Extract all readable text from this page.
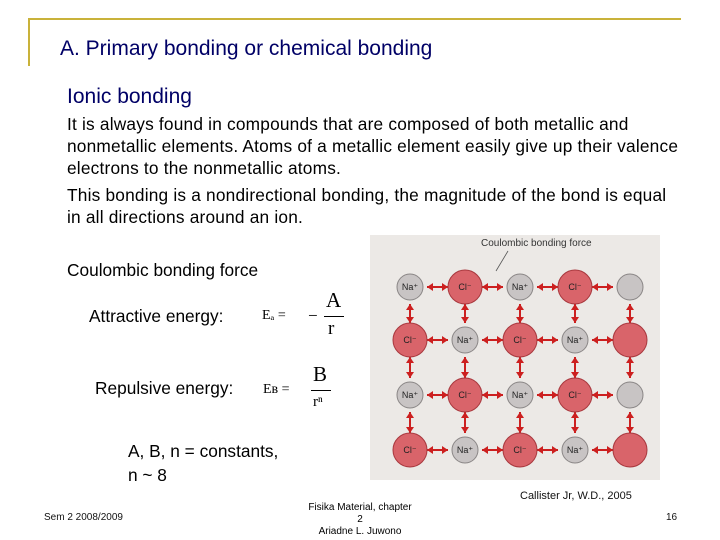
A. Primary bonding or chemical bonding
Ionic bonding
It is always found in compounds that are composed of both metallic and nonmetallic elements. Atoms of a metallic element easily give up their valence electrons to the nonmetallic atoms.
This bonding is a nondirectional bonding, the magnitude of the bond is equal in all directions around an ion.
Coulombic bonding force
Attractive energy:	Eₐ = −
A
r
Repulsive energy: Eʙ =
B
rⁿ
A, B, n = constants,
n ~ 8
Coulombic bonding force
Na⁺	Cl⁻	Na⁺	Cl⁻
Cl⁻	Na⁺	Cl⁻	Na⁺
Na⁺	Cl⁻	Na⁺	Cl⁻
Cl⁻	Na⁺	Cl⁻	Na⁺
Sem 2 2008/2009
Fisika Material, chapter 2
Ariadne L. Juwono
Callister Jr, W.D., 2005
16
